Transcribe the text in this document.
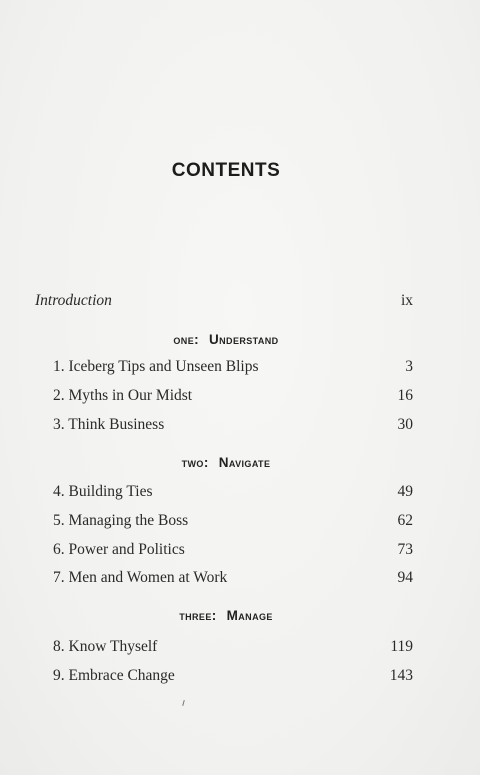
CONTENTS
Introduction	ix
one: Understand
1. Iceberg Tips and Unseen Blips	3
2. Myths in Our Midst	16
3. Think Business	30
two: Navigate
4. Building Ties	49
5. Managing the Boss	62
6. Power and Politics	73
7. Men and Women at Work	94
three: Manage
8. Know Thyself	119
9. Embrace Change	143
